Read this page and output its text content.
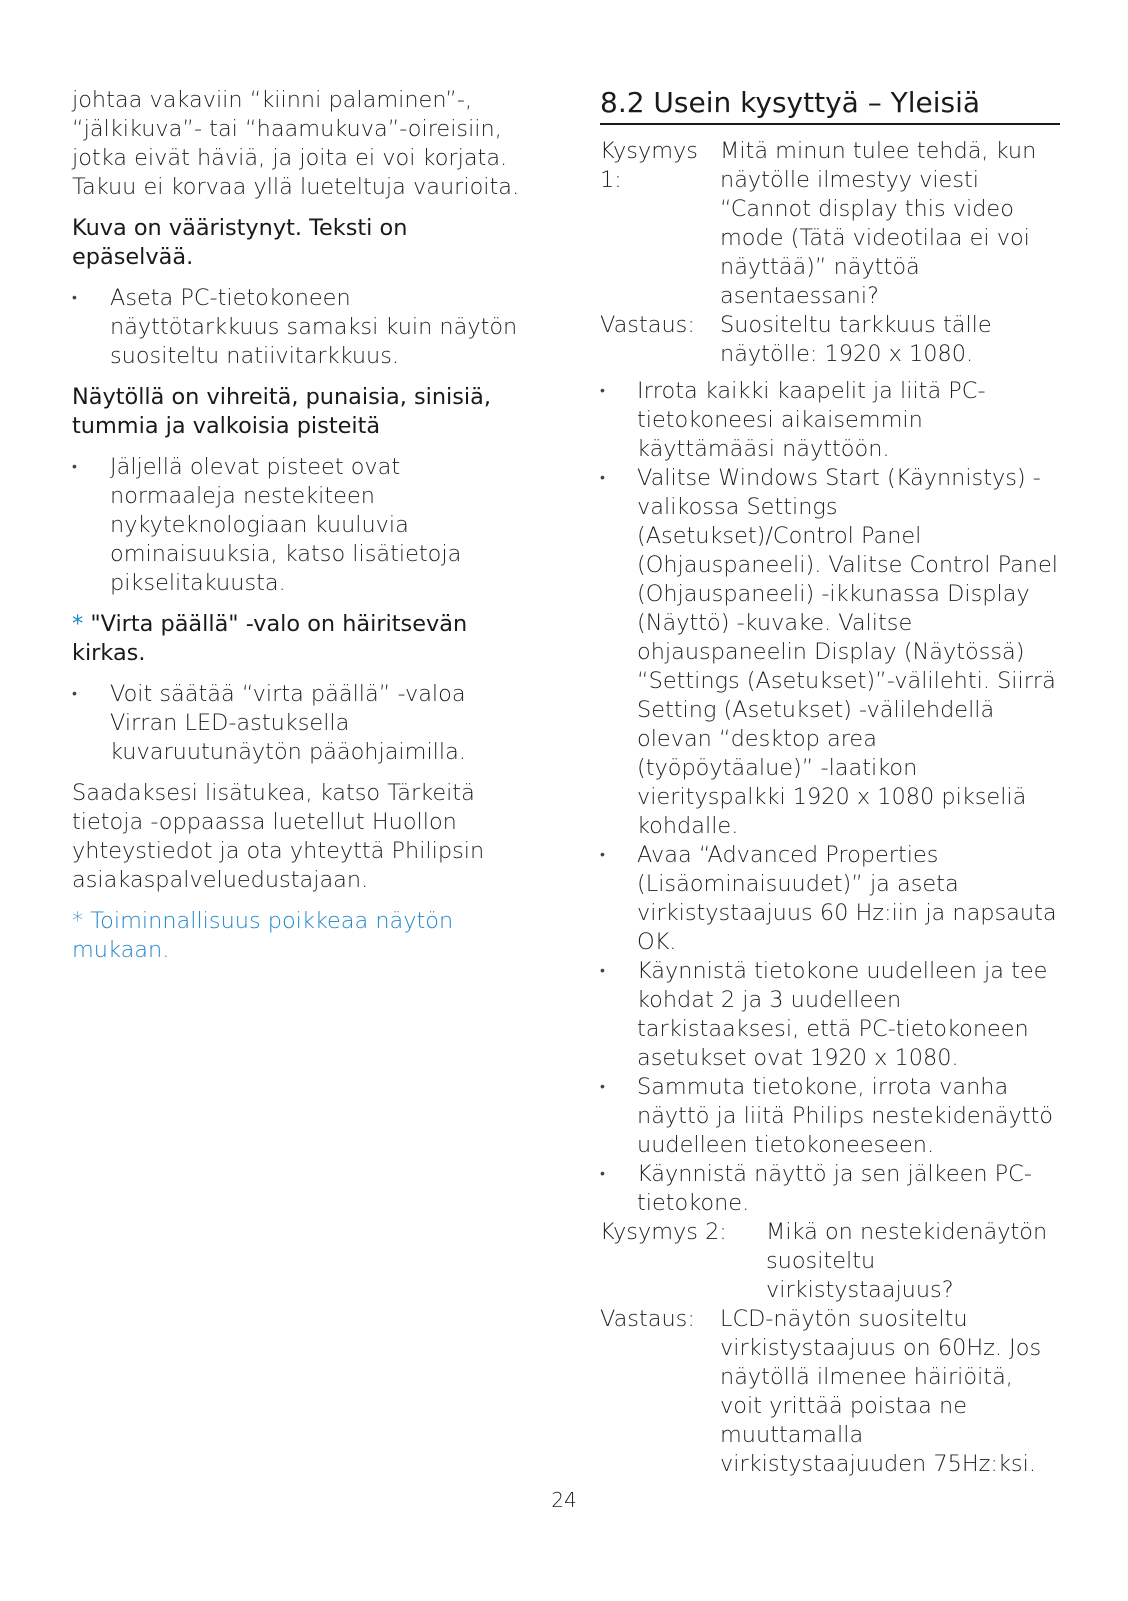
johtaa vakaviin “kiinni palaminen”-, “jälkikuva”- tai “haamukuva”-oireisiin, jotka eivät häviä, ja joita ei voi korjata. Takuu ei korvaa yllä lueteltuja vaurioita.

Kuva on vääristynyt. Teksti on epäselvää.

• Aseta PC-tietokoneen näyttötarkkuus samaksi kuin näytön suositeltu natiivitarkkuus.

Näytöllä on vihreitä, punaisia, sinisiä, tummia ja valkoisia pisteitä

• Jäljellä olevat pisteet ovat normaaleja nestekiteen nykyteknologiaan kuuluvia ominaisuuksia, katso lisätietoja pikselitakuusta.

* "Virta päällä" -valo on häiritsevän kirkas.

• Voit säätää “virta päällä” -valoa Virran LED-astuksella kuvaruutunäytön pääohjaimilla.

Saadaksesi lisätukea, katso Tärkeitä tietoja -oppaassa luetellut Huollon yhteystiedot ja ota yhteyttä Philipsin asiakaspalveluedustajaan.

* Toiminnallisuus poikkeaa näytön mukaan.

8.2 Usein kysyttyä – Yleisiä
Kysymys 1:
Mitä minun tulee tehdä, kun näytölle ilmestyy viesti “Cannot display this video mode (Tätä videotilaa ei voi näyttää)” näyttöä asentaessani?
Vastaus:	Suositeltu tarkkuus tälle näytölle: 1920 x 1080.
• Irrota kaikki kaapelit ja liitä PC-tietokoneesi aikaisemmin käyttämääsi näyttöön.
• Valitse Windows Start (Käynnistys) -valikossa Settings (Asetukset)/Control Panel (Ohjauspaneeli). Valitse Control Panel (Ohjauspaneeli) -ikkunassa Display (Näyttö) -kuvake. Valitse ohjauspaneelin Display (Näytössä) “Settings (Asetukset)”-välilehti. Siirrä Setting (Asetukset) -välilehdellä olevan “desktop area (työpöytäalue)” -laatikon vierityspalkki 1920 x 1080 pikseliä kohdalle.
• Avaa “Advanced Properties (Lisäominaisuudet)” ja aseta virkistystaajuus 60 Hz:iin ja napsauta OK.
• Käynnistä tietokone uudelleen ja tee kohdat 2 ja 3 uudelleen tarkistaaksesi, että PC-tietokoneen asetukset ovat 1920 x 1080.
• Sammuta tietokone, irrota vanha näyttö ja liitä Philips nestekidenäyttö uudelleen tietokoneeseen.
• Käynnistä näyttö ja sen jälkeen PC-tietokone.
Kysymys 2:	Mikä on nestekidenäytön suositeltu virkistystaajuus?
Vastaus:	LCD-näytön suositeltu virkistystaajuus on 60Hz. Jos näytöllä ilmenee häiriöitä, voit yrittää poistaa ne muuttamalla virkistystaajuuden 75Hz:ksi.
24
